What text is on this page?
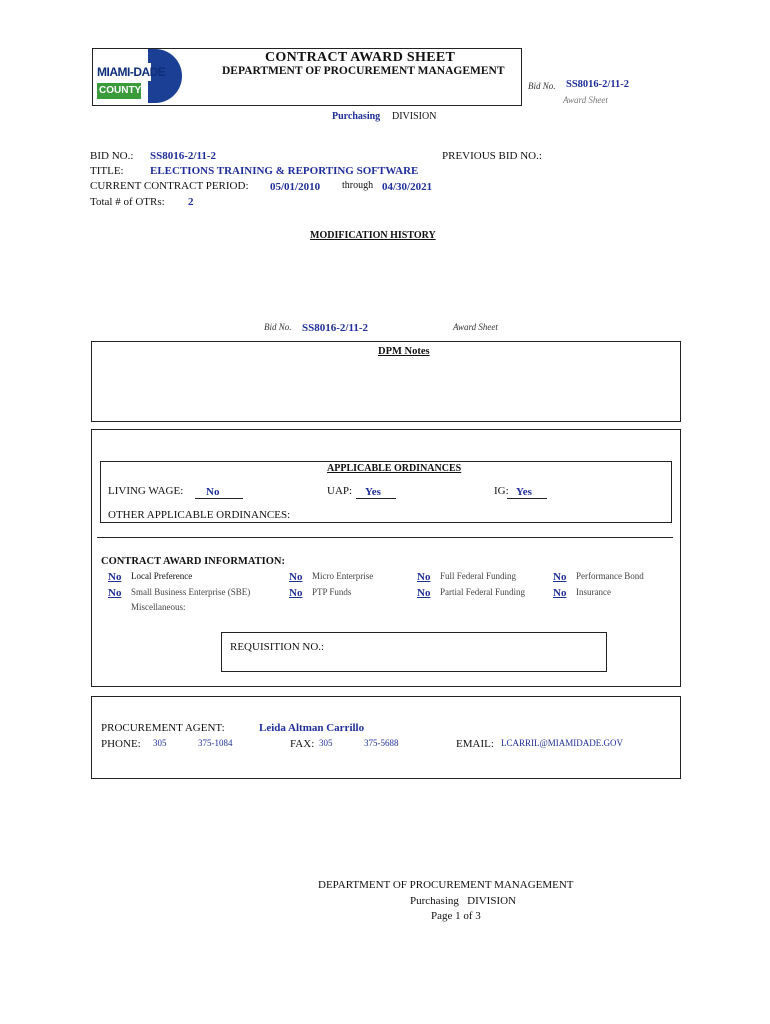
MIAMI-DADE
COUNTY
CONTRACT AWARD SHEET
DEPARTMENT OF PROCUREMENT MANAGEMENT
Bid No. SS8016-2/11-2
Award Sheet
Purchasing DIVISION
BID NO.: SS8016-2/11-2	PREVIOUS BID NO.:
TITLE: ELECTIONS TRAINING & REPORTING SOFTWARE
CURRENT CONTRACT PERIOD: 05/01/2010 through 04/30/2021
Total # of OTRs: 2
MODIFICATION HISTORY
Bid No. SS8016-2/11-2	Award Sheet
DPM Notes
APPLICABLE ORDINANCES
LIVING WAGE: No	UAP: Yes	IG: Yes
OTHER APPLICABLE ORDINANCES:
CONTRACT AWARD INFORMATION:
No Local Preference	No Micro Enterprise	No Full Federal Funding	No Performance Bond
No Small Business Enterprise (SBE)	No PTP Funds	No Partial Federal Funding	No Insurance
Miscellaneous:
REQUISITION NO.:
PROCUREMENT AGENT:	Leida Altman Carrillo
PHONE: 305	375-1084	FAX: 305	375-5688	EMAIL: LCARRIL@MIAMIDADE.GOV
DEPARTMENT OF PROCUREMENT MANAGEMENT
Purchasing   DIVISION
Page 1 of 3
